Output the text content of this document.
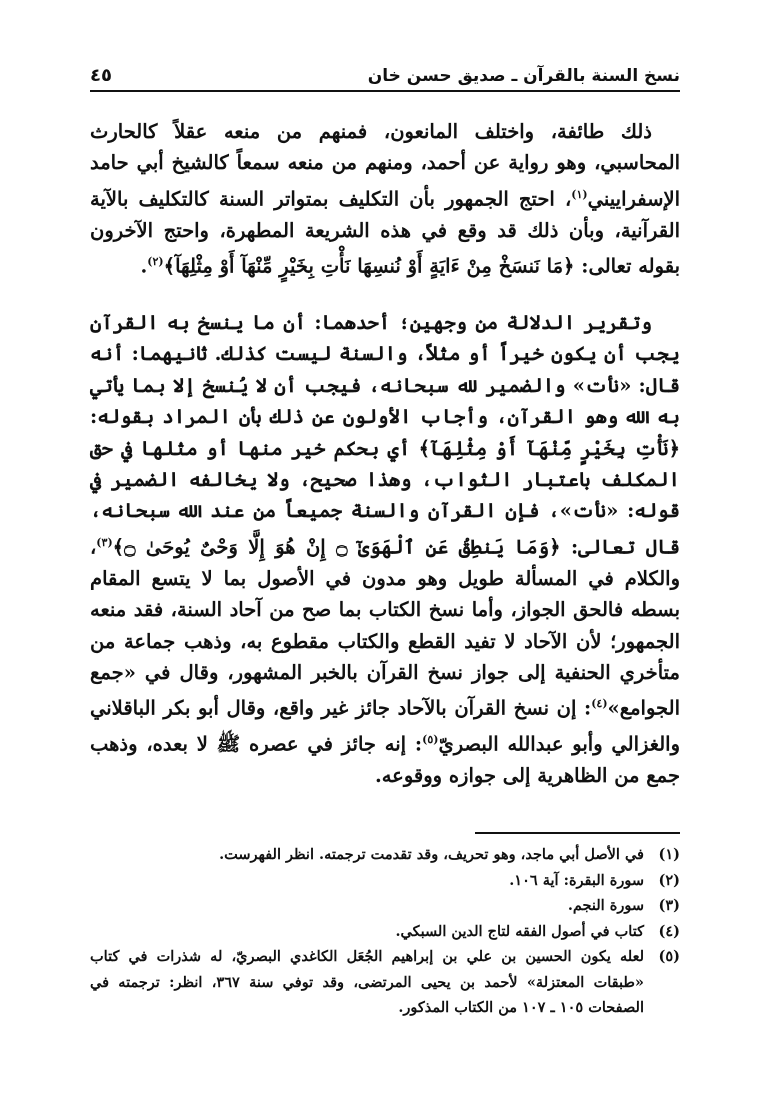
نسخ السنة بالقرآن ـ صديق حسن خان
٤٥

ذلك طائفة، واختلف المانعون، فمنهم من منعه عقلاً كالحارث المحاسبي، وهو رواية عن أحمد، ومنهم من منعه سمعاً كالشيخ أبي حامد الإسفراييني$^{(١)}$، احتج الجمهور بأن التكليف بمتواتر السنة كالتكليف بالآية القرآنية، وبأن ذلك قد وقع في هذه الشريعة المطهرة، واحتج الآخرون بقوله تعالى: ﴿مَا نَنسَخْ مِنْ ءَايَةٍ أَوْ نُنسِهَا نَأْتِ بِخَيْرٍ مِّنْهَآ أَوْ مِثْلِهَآ﴾$^{(٢)}$.

وتقرير الدلالة من وجهين؛ أحدهما: أن ما ينسخ به القرآن يجب أن يكون خيراً أو مثلاً، والسنة ليست كذلك. ثانيهما: أنه قال: «نأت» والضمير لله سبحانه، فيجب أن لا يُنسخ إلا بما يأتي به الله وهو القرآن، وأجاب الأولون عن ذلك بأن المراد بقوله: ﴿نَأْتِ بِخَيْرٍ مِّنْهَآ أَوْ مِثْلِهَآ﴾ أي بحكم خير منها أو مثلها في حق المكلف باعتبار الثواب، وهذا صحيح، ولا يخالفه الضمير في قوله: «نأت»، فإن القرآن والسنة جميعاً من عند الله سبحانه، قال تعالى: ﴿وَمَا يَنطِقُ عَنِ ٱلْهَوَىٰٓ ۝ إِنْ هُوَ إِلَّا وَحْىٌ يُوحَىٰ ۝﴾$^{(٣)}$، والكلام في المسألة طويل وهو مدون في الأصول بما لا يتسع المقام بسطه فالحق الجواز، وأما نسخ الكتاب بما صح من آحاد السنة، فقد منعه الجمهور؛ لأن الآحاد لا تفيد القطع والكتاب مقطوع به، وذهب جماعة من متأخري الحنفية إلى جواز نسخ القرآن بالخبر المشهور، وقال في «جمع الجوامع»$^{(٤)}$: إن نسخ القرآن بالآحاد جائز غير واقع، وقال أبو بكر الباقلاني والغزالي وأبو عبدالله البصريّ$^{(٥)}$: إنه جائز في عصره ﷺ لا بعده، وذهب جمع من الظاهرية إلى جوازه ووقوعه.

(١)
في الأصل أبي ماجد، وهو تحريف، وقد تقدمت ترجمته. انظر الفهرست.
(٢)
سورة البقرة: آية ١٠٦.
(٣)
سورة النجم.
(٤)
كتاب في أصول الفقه لتاج الدين السبكي.
(٥)
لعله يكون الحسين بن علي بن إبراهيم الجُعَل الكاغدي البصريّ، له شذرات في كتاب «طبقات المعتزلة» لأحمد بن يحيى المرتضى، وقد توفي سنة ٣٦٧، انظر: ترجمته في الصفحات ١٠٥ ـ ١٠٧ من الكتاب المذكور.
